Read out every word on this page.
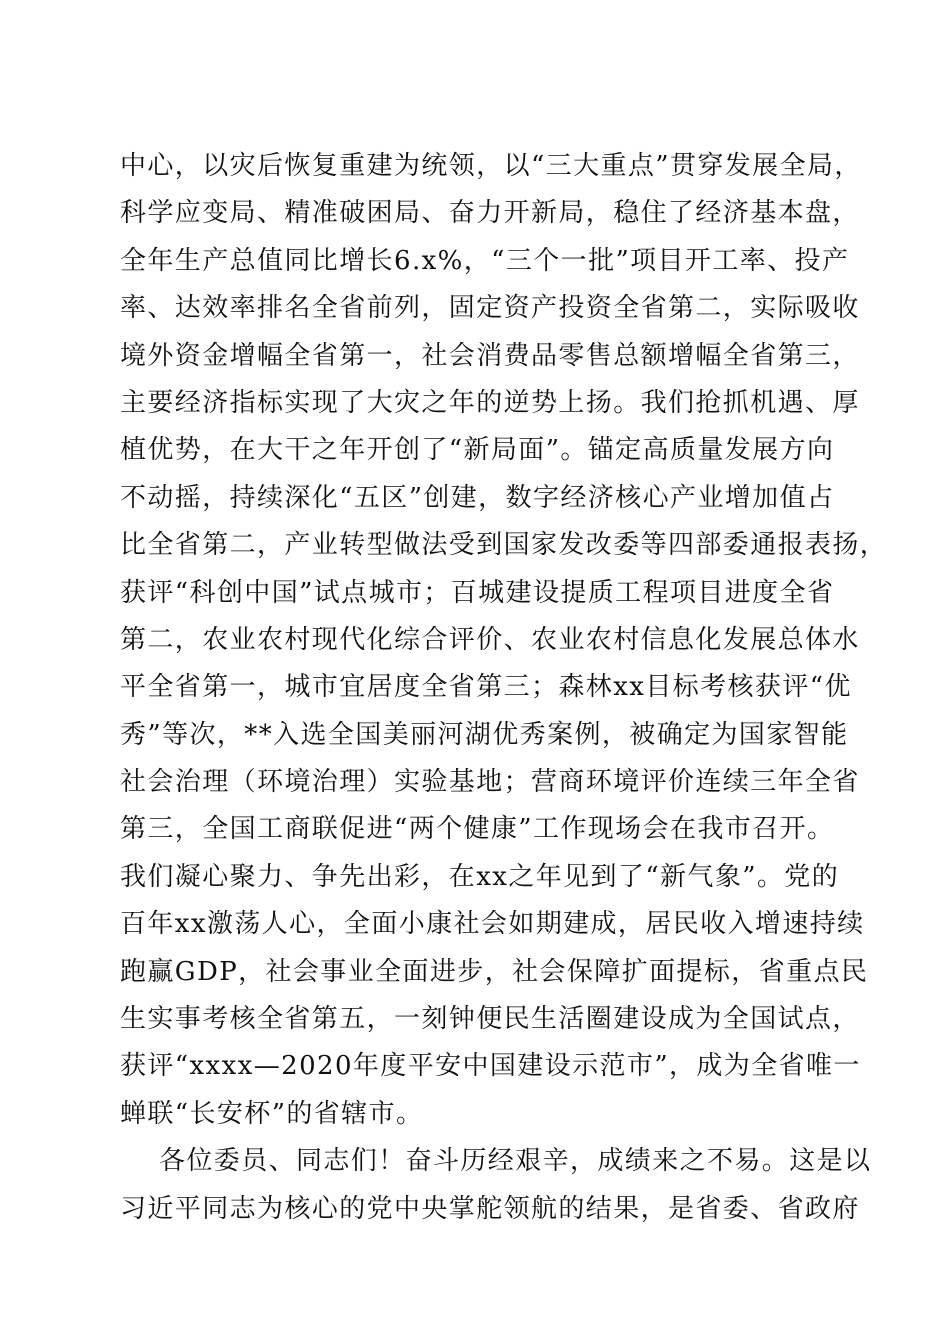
中心，以灾后恢复重建为统领，以“三大重点”贯穿发展全局，
科学应变局、精准破困局、奋力开新局，稳住了经济基本盘，
全年生产总值同比增长6.x%，“三个一批”项目开工率、投产
率、达效率排名全省前列，固定资产投资全省第二，实际吸收
境外资金增幅全省第一，社会消费品零售总额增幅全省第三，
主要经济指标实现了大灾之年的逆势上扬。我们抢抓机遇、厚
植优势，在大干之年开创了“新局面”。锚定高质量发展方向
不动摇，持续深化“五区”创建，数字经济核心产业增加值占
比全省第二，产业转型做法受到国家发改委等四部委通报表扬，
获评“科创中国”试点城市；百城建设提质工程项目进度全省
第二，农业农村现代化综合评价、农业农村信息化发展总体水
平全省第一，城市宜居度全省第三；森林xx目标考核获评“优
秀”等次，**入选全国美丽河湖优秀案例，被确定为国家智能
社会治理（环境治理）实验基地；营商环境评价连续三年全省
第三，全国工商联促进“两个健康”工作现场会在我市召开。
我们凝心聚力、争先出彩，在xx之年见到了“新气象”。党的
百年xx激荡人心，全面小康社会如期建成，居民收入增速持续
跑赢GDP，社会事业全面进步，社会保障扩面提标，省重点民
生实事考核全省第五，一刻钟便民生活圈建设成为全国试点，
获评“xxxx—2020年度平安中国建设示范市”，成为全省唯一
蝉联“长安杯”的省辖市。
各位委员、同志们！奋斗历经艰辛，成绩来之不易。这是以
习近平同志为核心的党中央掌舵领航的结果，是省委、省政府
